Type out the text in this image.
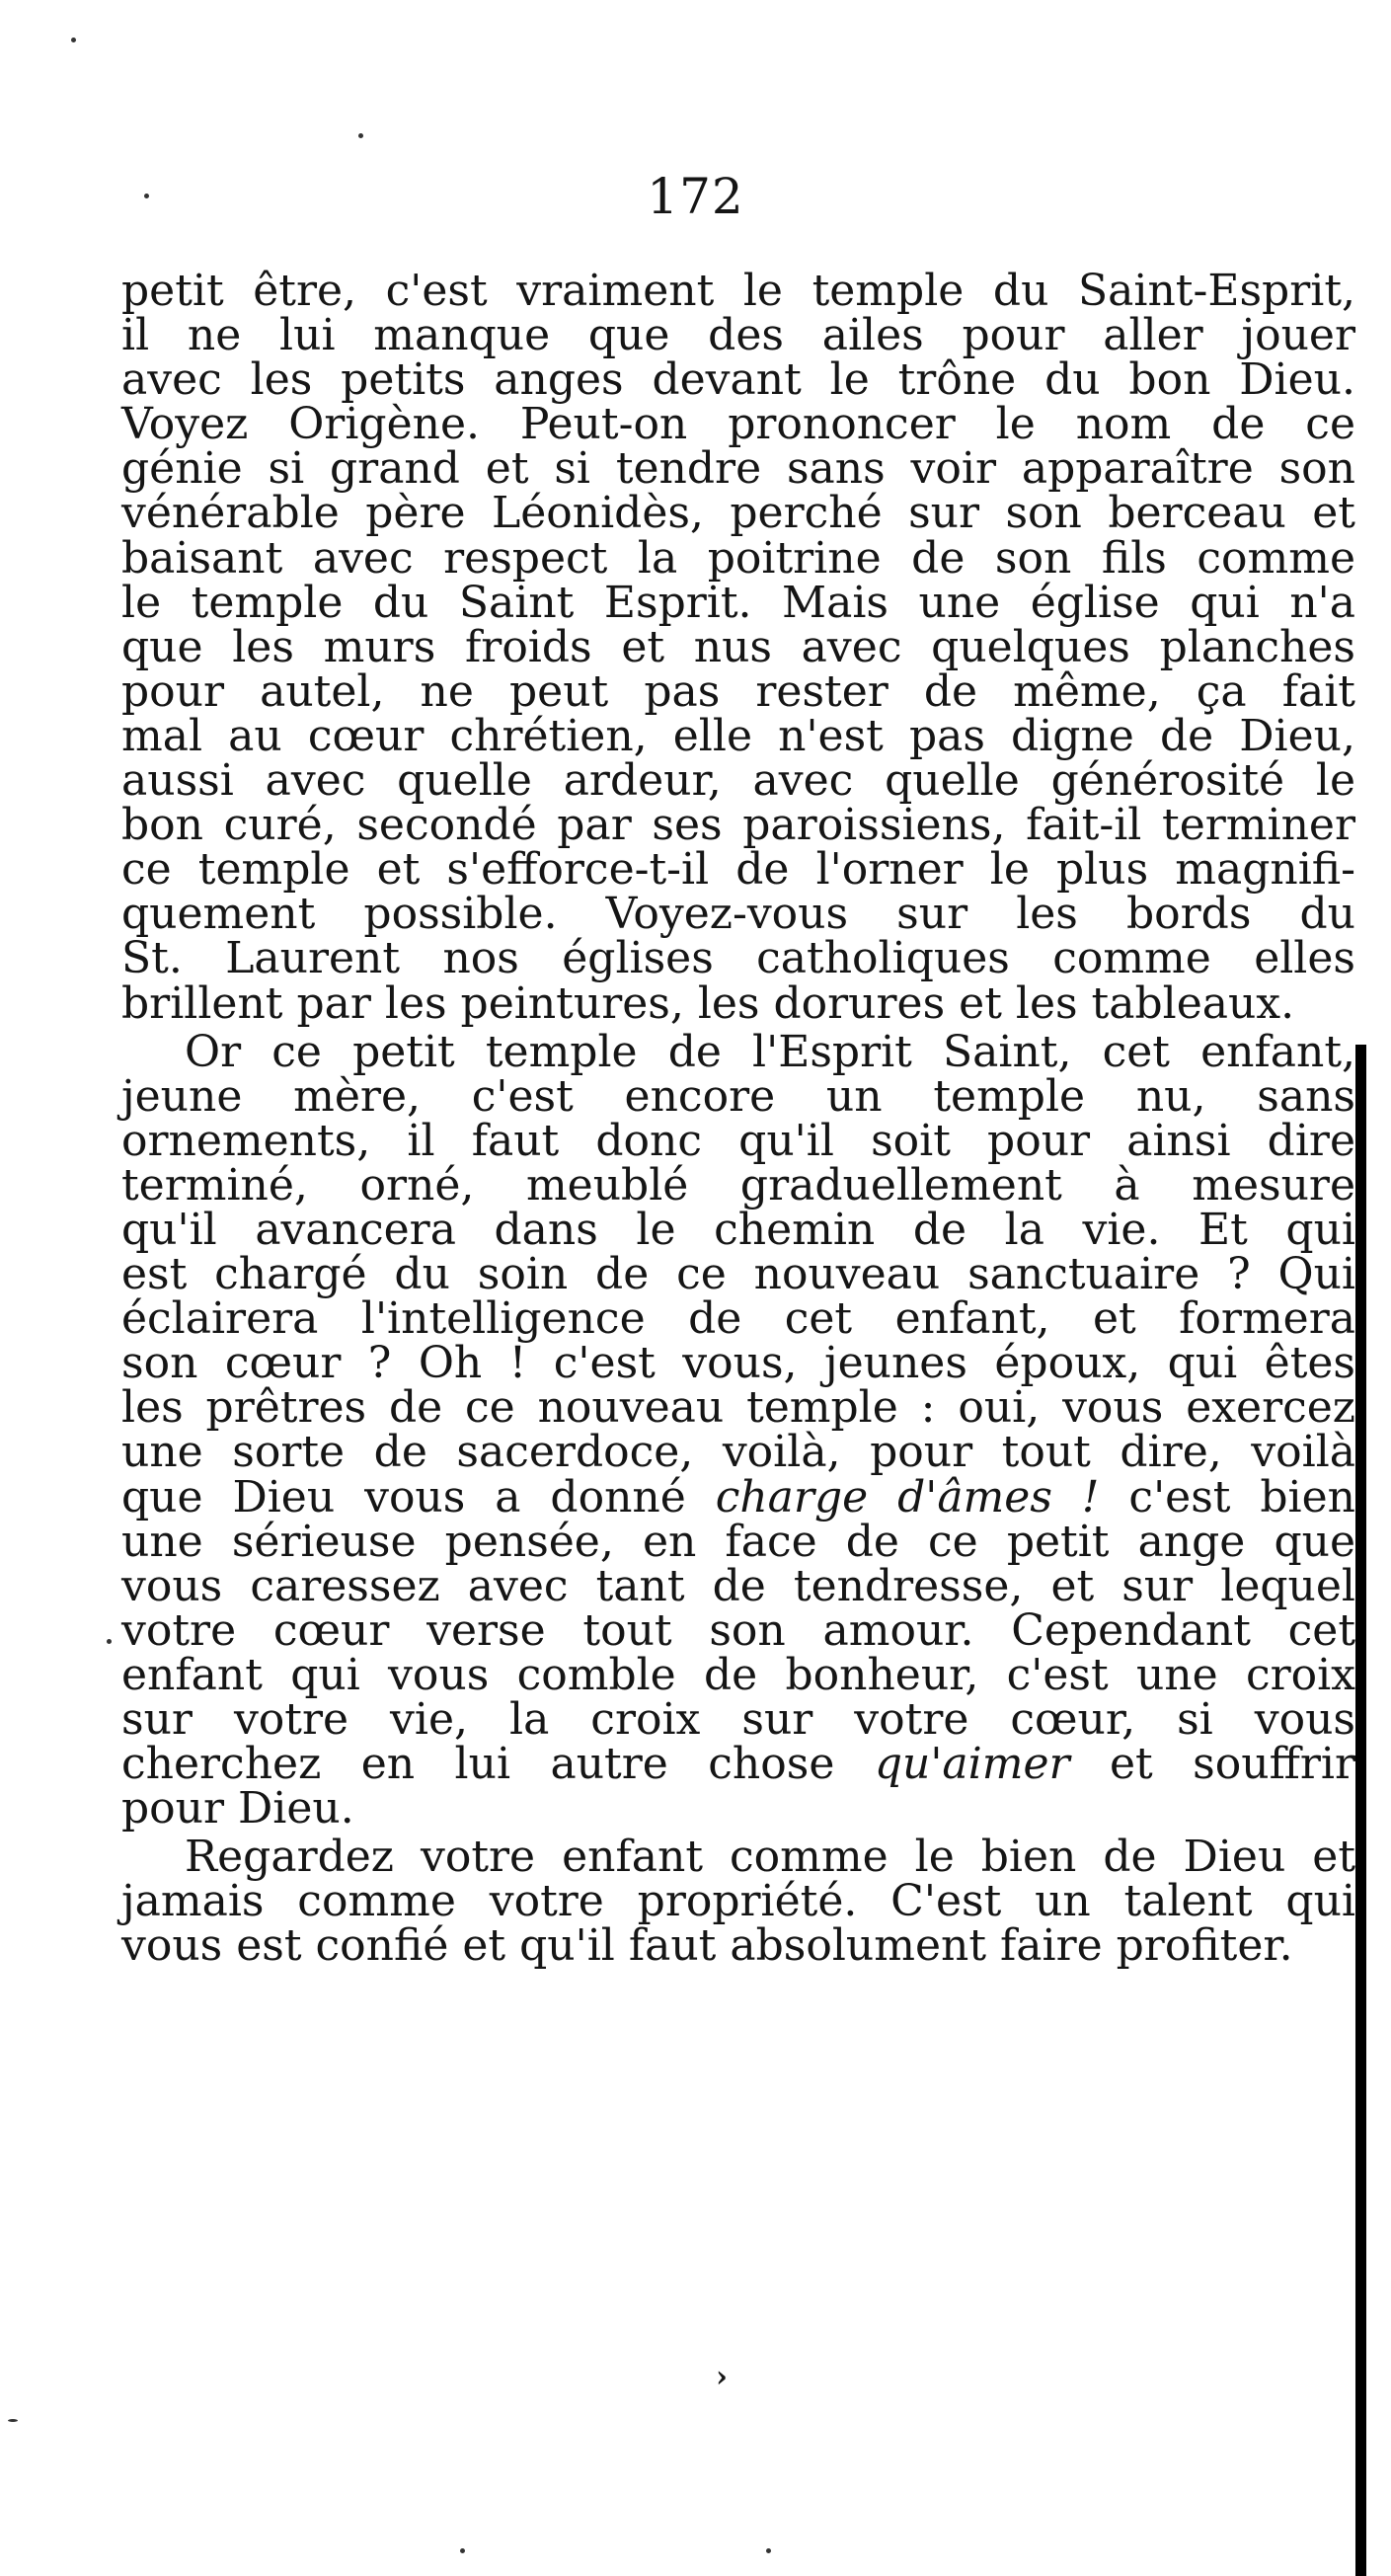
172
petit être, c'est vraiment le temple du Saint-Esprit,
il ne lui manque que des ailes pour aller jouer
avec les petits anges devant le trône du bon Dieu.
Voyez Origène. Peut-on prononcer le nom de ce
génie si grand et si tendre sans voir apparaître son
vénérable père Léonidès, perché sur son berceau et
baisant avec respect la poitrine de son fils comme
le temple du Saint Esprit. Mais une église qui n'a
que les murs froids et nus avec quelques planches
pour autel, ne peut pas rester de même, ça fait
mal au cœur chrétien, elle n'est pas digne de Dieu,
aussi avec quelle ardeur, avec quelle générosité le
bon curé, secondé par ses paroissiens, fait-il terminer
ce temple et s'efforce-t-il de l'orner le plus magnifi-
quement possible. Voyez-vous sur les bords du
St. Laurent nos églises catholiques comme elles
brillent par les peintures, les dorures et les tableaux.
Or ce petit temple de l'Esprit Saint, cet enfant,
jeune mère, c'est encore un temple nu, sans
ornements, il faut donc qu'il soit pour ainsi dire
terminé, orné, meublé graduellement à mesure
qu'il avancera dans le chemin de la vie. Et qui
est chargé du soin de ce nouveau sanctuaire ? Qui
éclairera l'intelligence de cet enfant, et formera
son cœur ? Oh ! c'est vous, jeunes époux, qui êtes
les prêtres de ce nouveau temple : oui, vous exercez
une sorte de sacerdoce, voilà, pour tout dire, voilà
que Dieu vous a donné charge d'âmes ! c'est bien
une sérieuse pensée, en face de ce petit ange que
vous caressez avec tant de tendresse, et sur lequel
votre cœur verse tout son amour. Cependant cet
enfant qui vous comble de bonheur, c'est une croix
sur votre vie, la croix sur votre cœur, si vous
cherchez en lui autre chose qu'aimer et souffrir
pour Dieu.
Regardez votre enfant comme le bien de Dieu et
jamais comme votre propriété. C'est un talent qui
vous est confié et qu'il faut absolument faire profiter.
›
